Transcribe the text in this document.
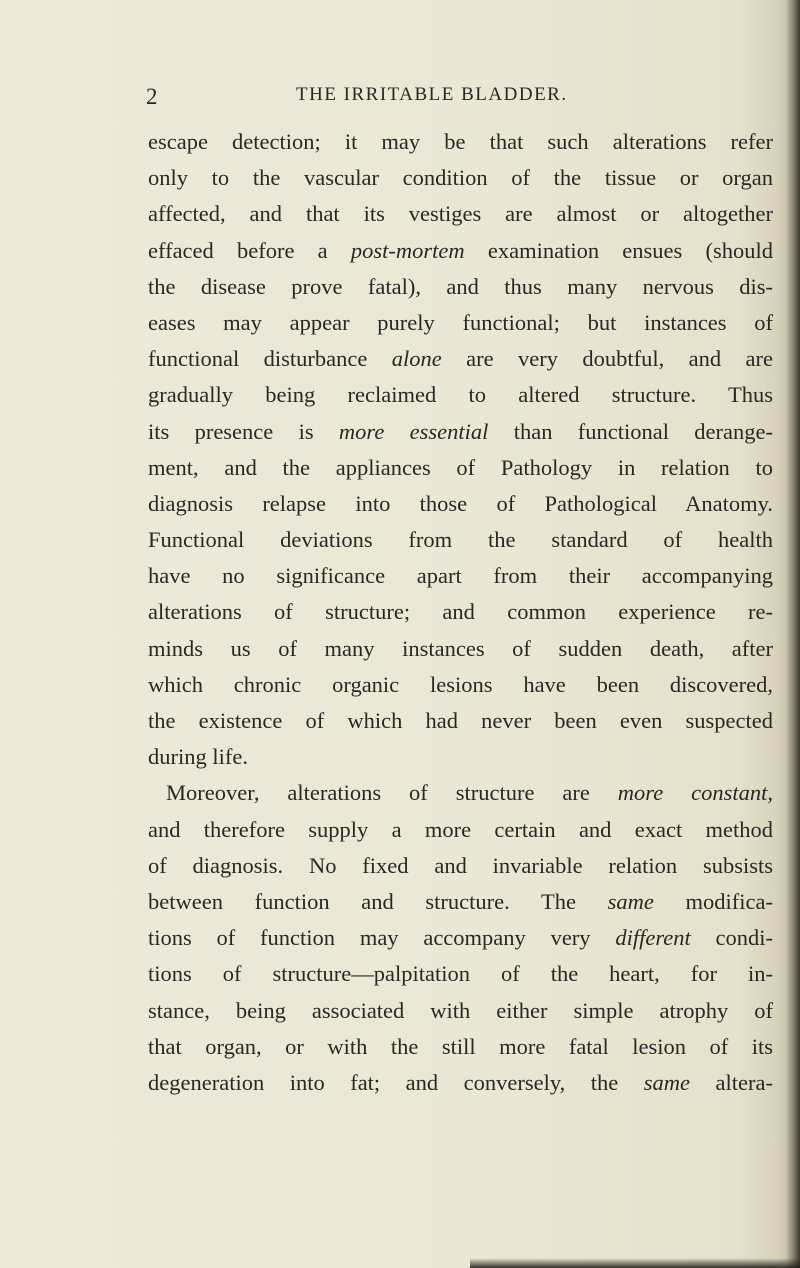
2	THE IRRITABLE BLADDER.
escape detection; it may be that such alterations refer
only to the vascular condition of the tissue or organ
affected, and that its vestiges are almost or altogether
effaced before a post-mortem examination ensues (should
the disease prove fatal), and thus many nervous dis-
eases may appear purely functional; but instances of
functional disturbance alone are very doubtful, and are
gradually being reclaimed to altered structure. Thus
its presence is more essential than functional derange-
ment, and the appliances of Pathology in relation to
diagnosis relapse into those of Pathological Anatomy.
Functional deviations from the standard of health
have no significance apart from their accompanying
alterations of structure; and common experience re-
minds us of many instances of sudden death, after
which chronic organic lesions have been discovered,
the existence of which had never been even suspected
during life.
Moreover, alterations of structure are more constant,
and therefore supply a more certain and exact method
of diagnosis. No fixed and invariable relation subsists
between function and structure. The same modifica-
tions of function may accompany very different condi-
tions of structure—palpitation of the heart, for in-
stance, being associated with either simple atrophy of
that organ, or with the still more fatal lesion of its
degeneration into fat; and conversely, the same altera-
